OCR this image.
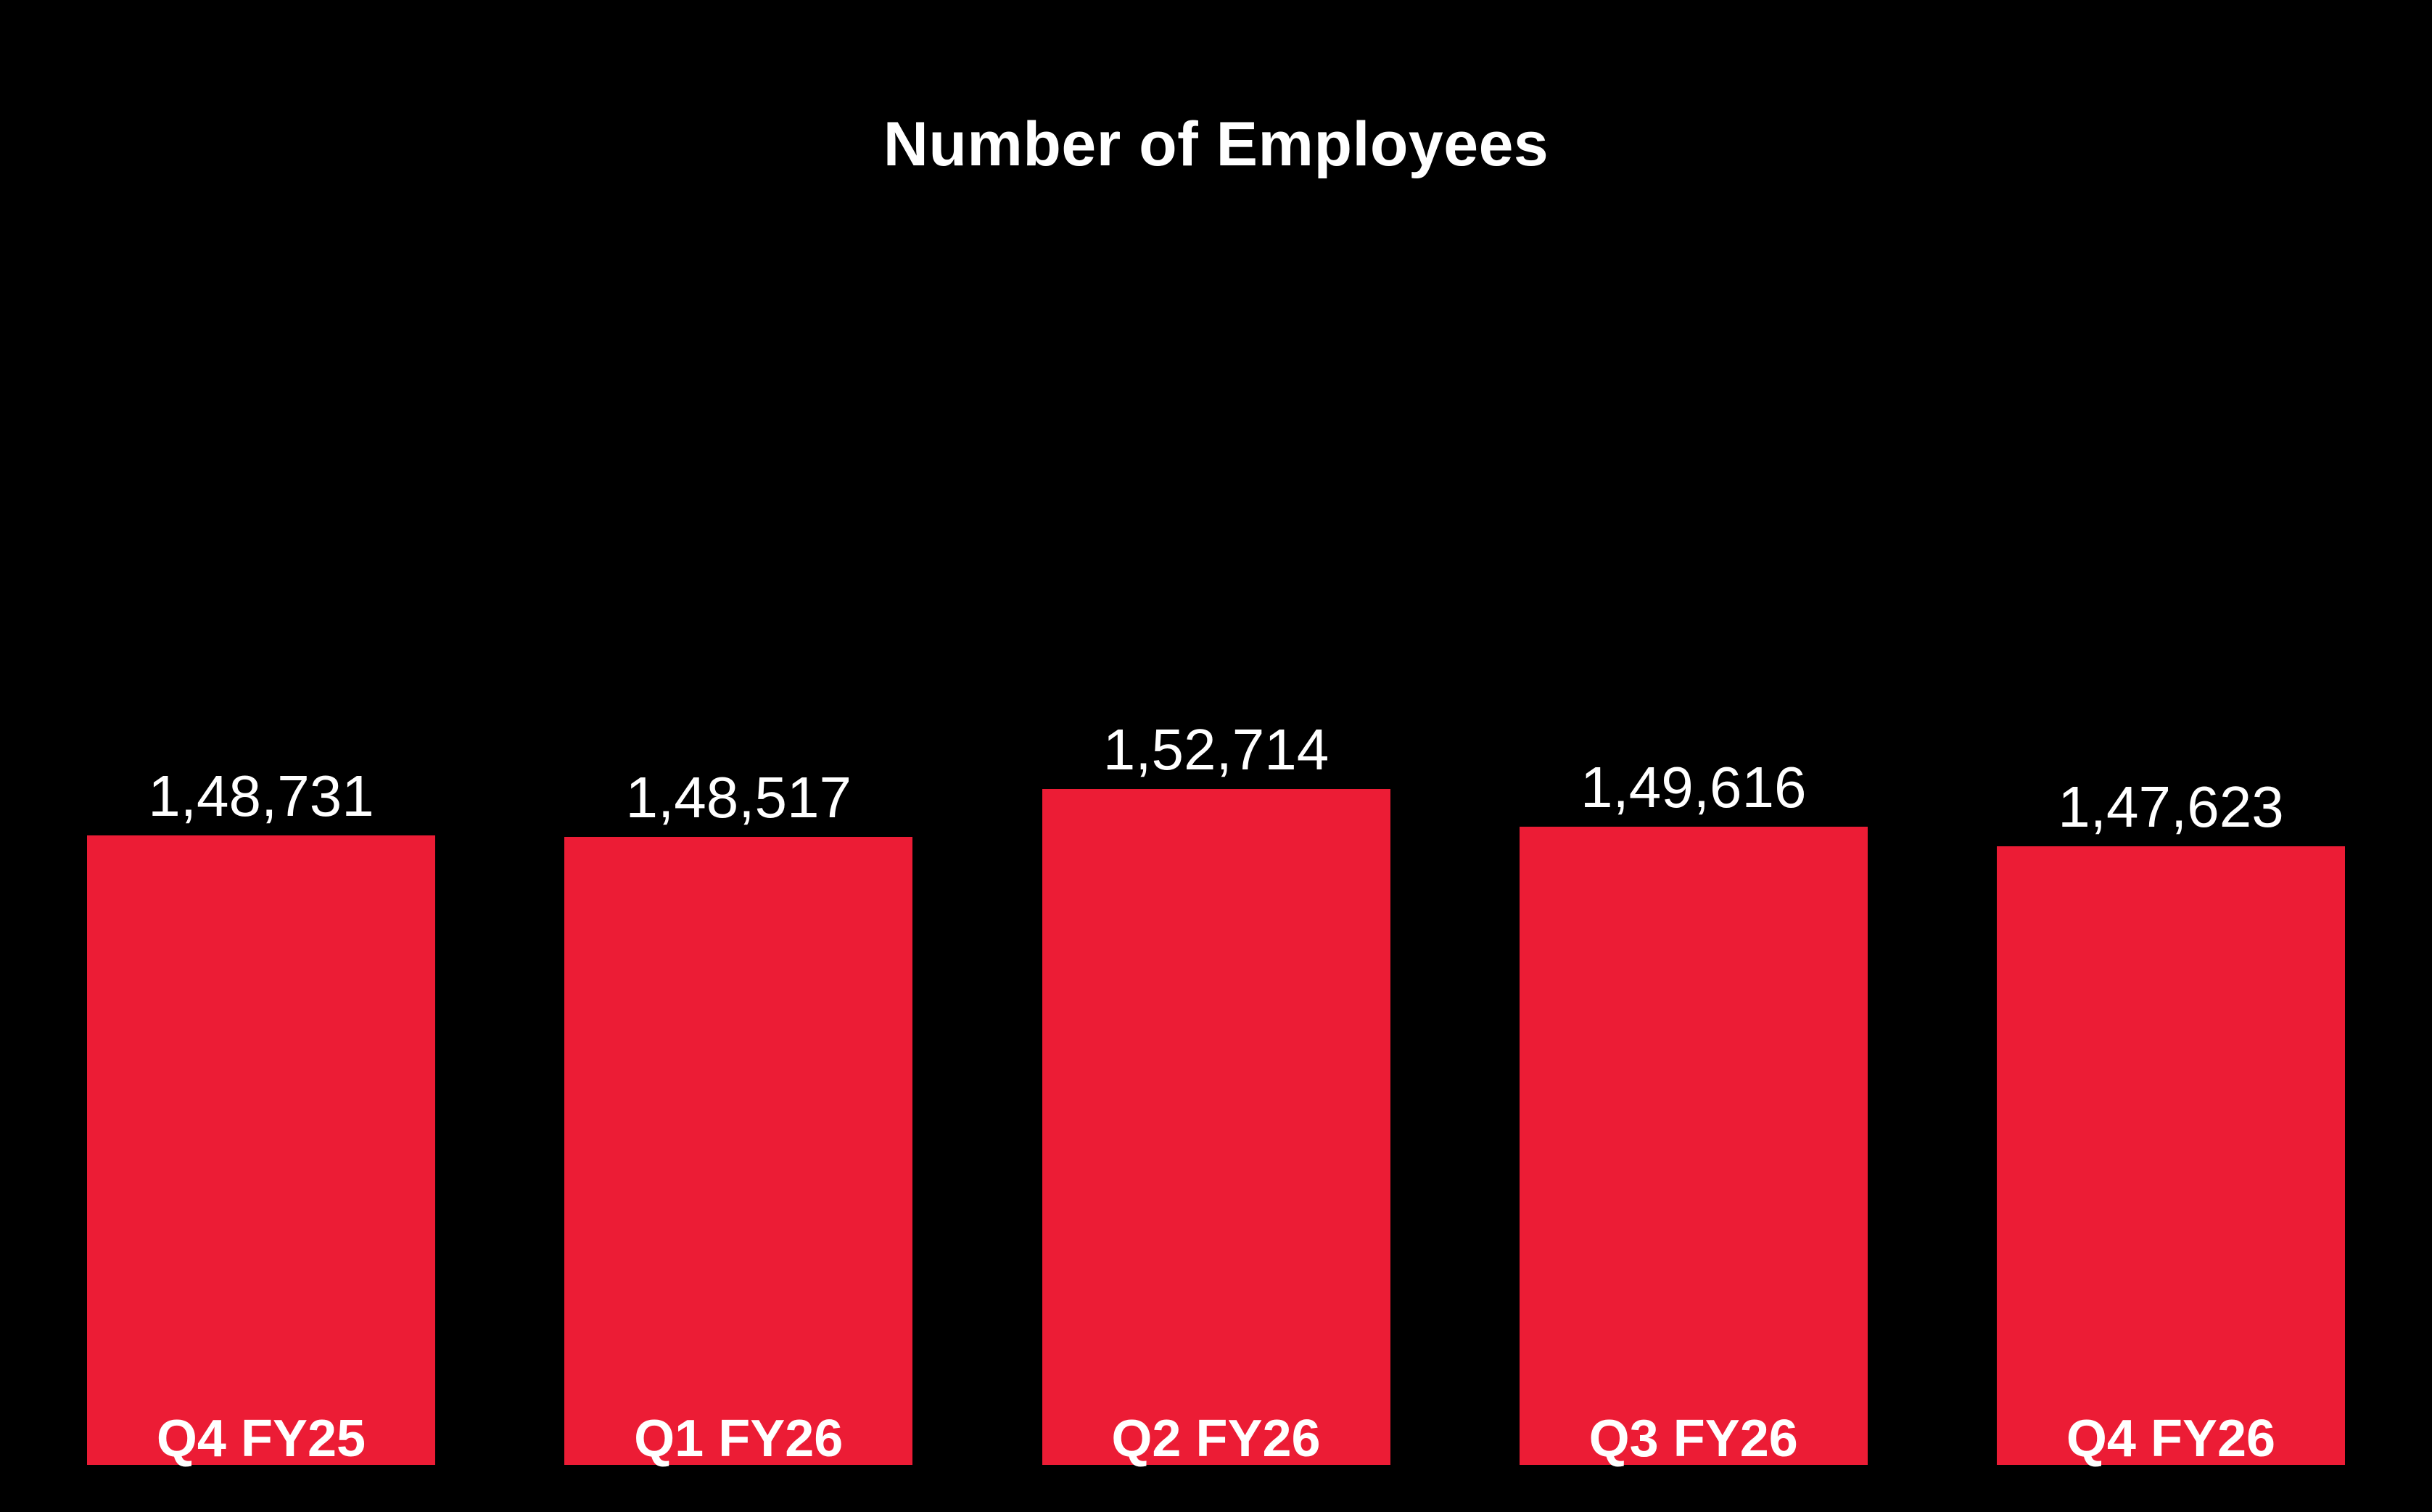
Number of Employees
1,48,731
Q4 FY25
1,48,517
Q1 FY26
1,52,714
Q2 FY26
1,49,616
Q3 FY26
1,47,623
Q4 FY26
